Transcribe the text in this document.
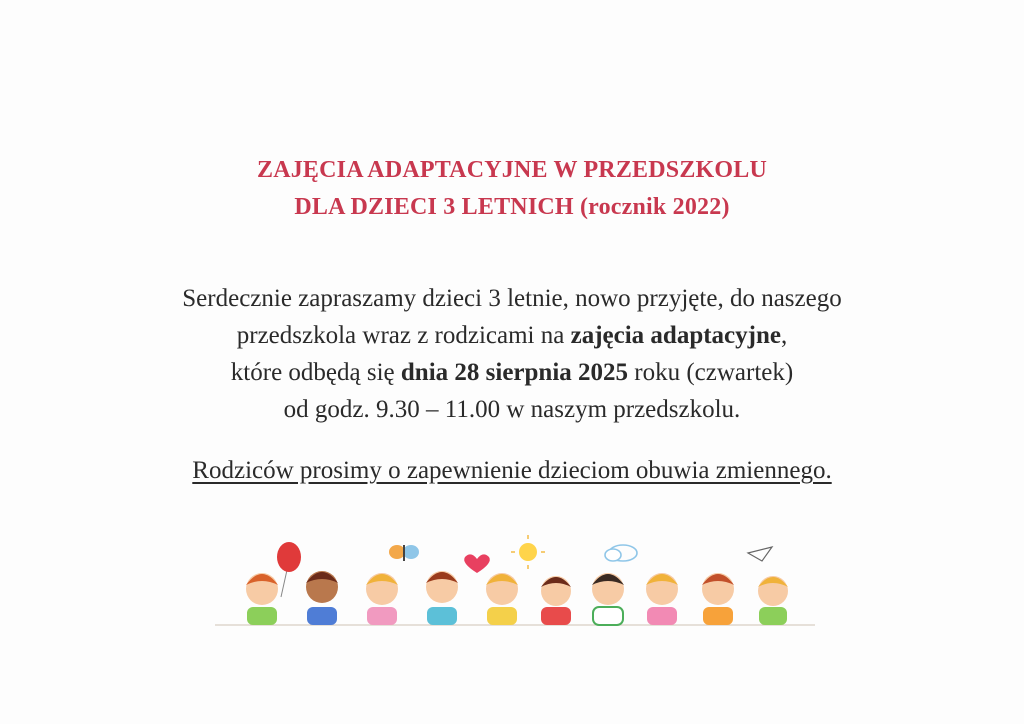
ZAJĘCIA ADAPTACYJNE W PRZEDSZKOLU
DLA DZIECI 3 LETNICH (rocznik 2022)
Serdecznie zapraszamy dzieci 3 letnie, nowo przyjęte, do naszego
przedszkola wraz z rodzicami na zajęcia adaptacyjne,
które odbędą się dnia 28 sierpnia 2025 roku (czwartek)
od godz. 9.30 – 11.00 w naszym przedszkolu.
Rodziców prosimy o zapewnienie dzieciom obuwia zmiennego.
